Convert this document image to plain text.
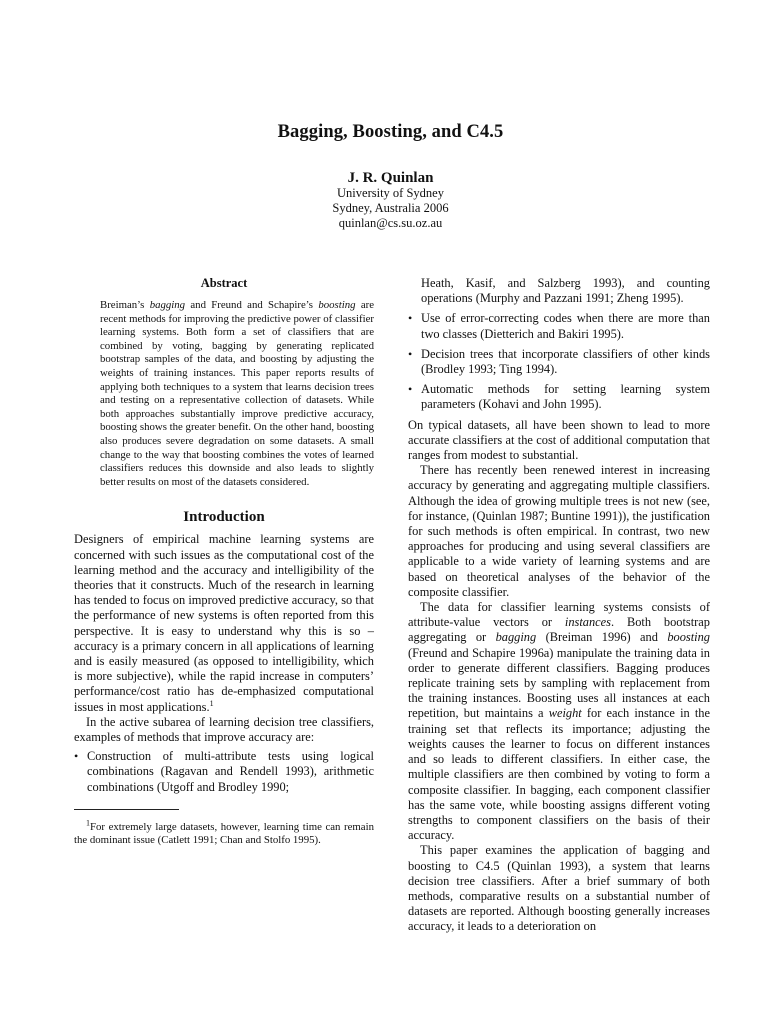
Bagging, Boosting, and C4.5
J. R. Quinlan
University of Sydney
Sydney, Australia 2006
quinlan@cs.su.oz.au
Abstract

Breiman’s bagging and Freund and Schapire’s boosting are recent methods for improving the predictive power of classifier learning systems. Both form a set of classifiers that are combined by voting, bagging by generating replicated bootstrap samples of the data, and boosting by adjusting the weights of training instances. This paper reports results of applying both techniques to a system that learns decision trees and testing on a representative collection of datasets. While both approaches substantially improve predictive accuracy, boosting shows the greater benefit. On the other hand, boosting also produces severe degradation on some datasets. A small change to the way that boosting combines the votes of learned classifiers reduces this downside and also leads to slightly better results on most of the datasets considered.

Introduction

Designers of empirical machine learning systems are concerned with such issues as the computational cost of the learning method and the accuracy and intelligibility of the theories that it constructs. Much of the research in learning has tended to focus on improved predictive accuracy, so that the performance of new systems is often reported from this perspective. It is easy to understand why this is so – accuracy is a primary concern in all applications of learning and is easily measured (as opposed to intelligibility, which is more subjective), while the rapid increase in computers’ performance/cost ratio has de-emphasized computational issues in most applications.$^1$

In the active subarea of learning decision tree classifiers, examples of methods that improve accuracy are:

• Construction of multi-attribute tests using logical combinations (Ragavan and Rendell 1993), arithmetic combinations (Utgoff and Brodley 1990;

$^1$For extremely large datasets, however, learning time can remain the dominant issue (Catlett 1991; Chan and Stolfo 1995).

Heath, Kasif, and Salzberg 1993), and counting operations (Murphy and Pazzani 1991; Zheng 1995).
• Use of error-correcting codes when there are more than two classes (Dietterich and Bakiri 1995).
• Decision trees that incorporate classifiers of other kinds (Brodley 1993; Ting 1994).
• Automatic methods for setting learning system parameters (Kohavi and John 1995).

On typical datasets, all have been shown to lead to more accurate classifiers at the cost of additional computation that ranges from modest to substantial.

There has recently been renewed interest in increasing accuracy by generating and aggregating multiple classifiers. Although the idea of growing multiple trees is not new (see, for instance, (Quinlan 1987; Buntine 1991)), the justification for such methods is often empirical. In contrast, two new approaches for producing and using several classifiers are applicable to a wide variety of learning systems and are based on theoretical analyses of the behavior of the composite classifier.

The data for classifier learning systems consists of attribute-value vectors or instances. Both bootstrap aggregating or bagging (Breiman 1996) and boosting (Freund and Schapire 1996a) manipulate the training data in order to generate different classifiers. Bagging produces replicate training sets by sampling with replacement from the training instances. Boosting uses all instances at each repetition, but maintains a weight for each instance in the training set that reflects its importance; adjusting the weights causes the learner to focus on different instances and so leads to different classifiers. In either case, the multiple classifiers are then combined by voting to form a composite classifier. In bagging, each component classifier has the same vote, while boosting assigns different voting strengths to component classifiers on the basis of their accuracy.

This paper examines the application of bagging and boosting to C4.5 (Quinlan 1993), a system that learns decision tree classifiers. After a brief summary of both methods, comparative results on a substantial number of datasets are reported. Although boosting generally increases accuracy, it leads to a deterioration on
